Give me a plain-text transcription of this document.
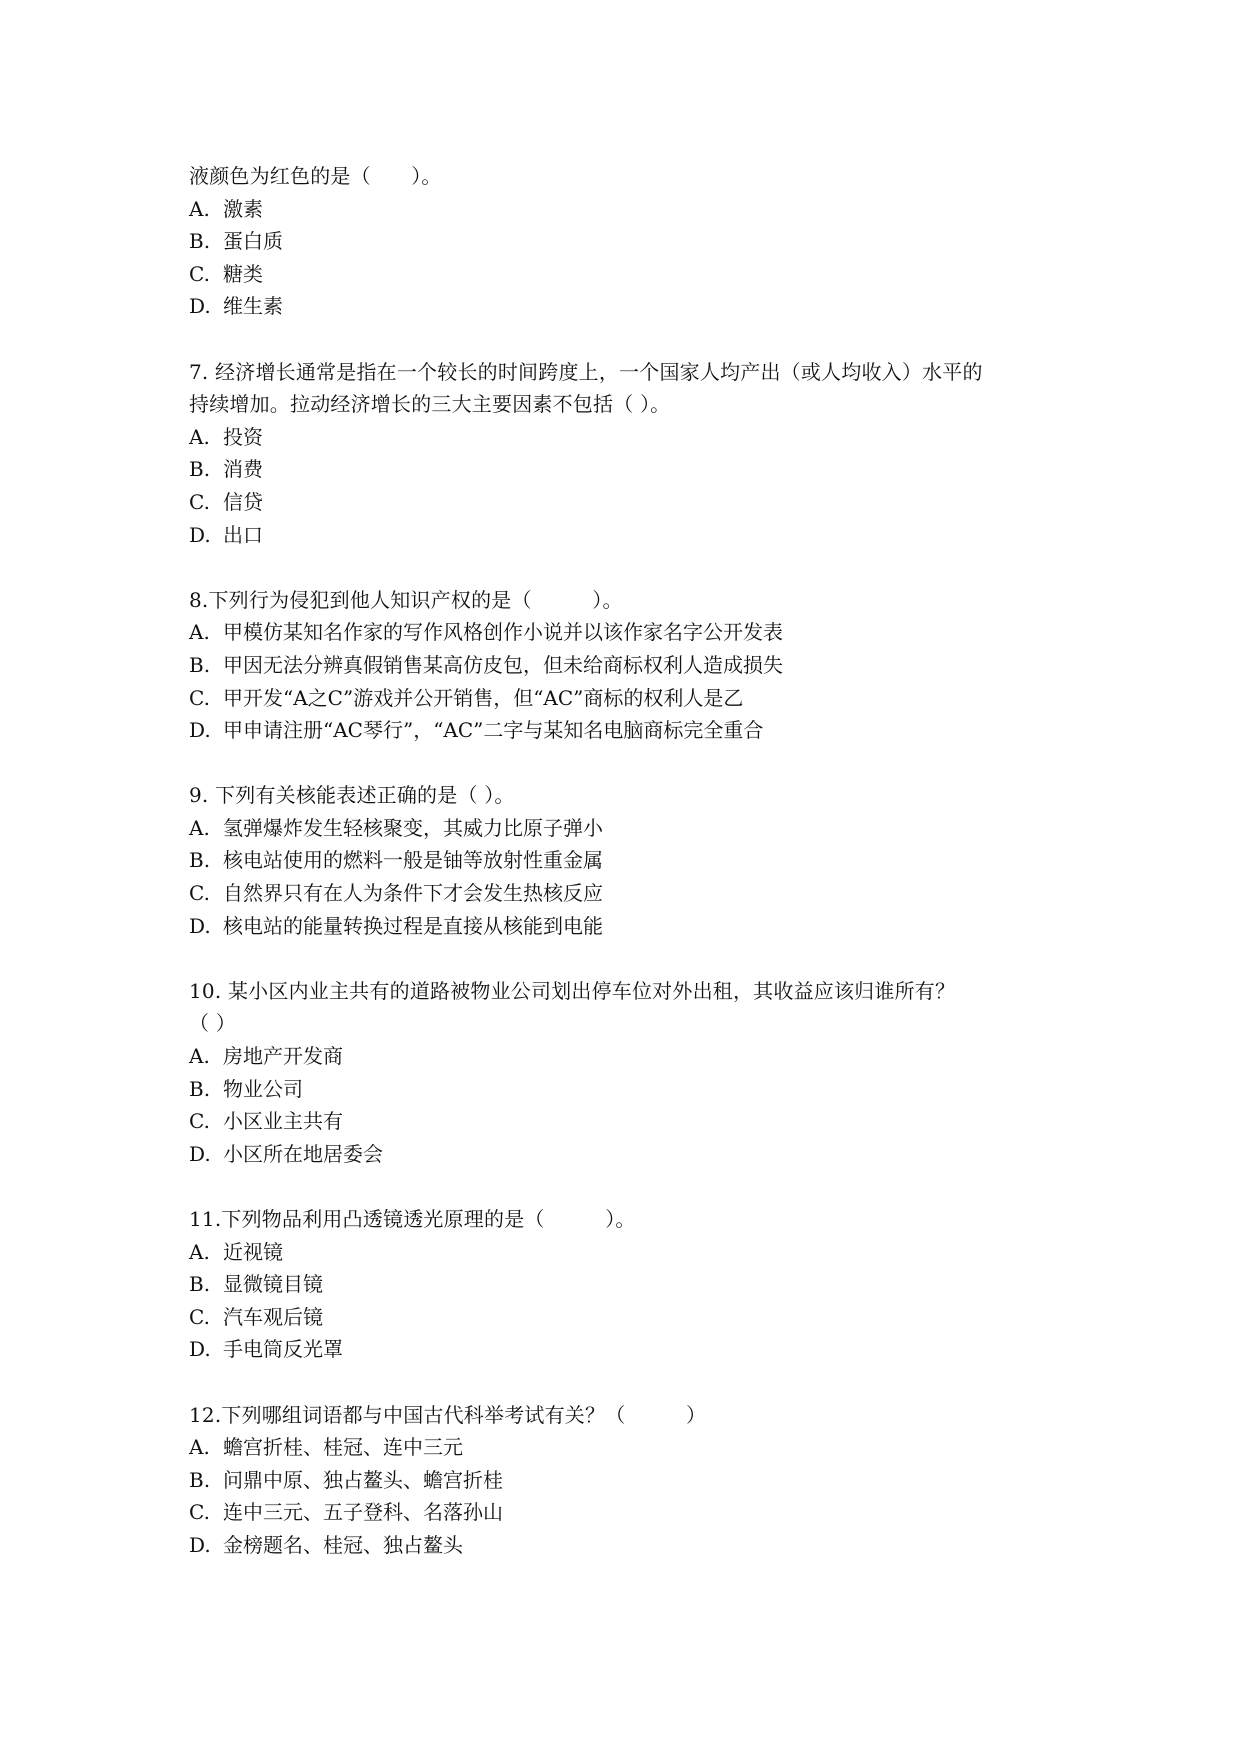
液颜色为红色的是（　　）。
A. 激素
B. 蛋白质
C. 糖类
D. 维生素
7. 经济增长通常是指在一个较长的时间跨度上，一个国家人均产出（或人均收入）水平的
持续增加。拉动经济增长的三大主要因素不包括（ ）。
A. 投资
B. 消费
C. 信贷
D. 出口
8.下列行为侵犯到他人知识产权的是（　　　）。
A. 甲模仿某知名作家的写作风格创作小说并以该作家名字公开发表
B. 甲因无法分辨真假销售某高仿皮包，但未给商标权利人造成损失
C. 甲开发“A之C”游戏并公开销售，但“AC”商标的权利人是乙
D. 甲申请注册“AC琴行”，“AC”二字与某知名电脑商标完全重合
9. 下列有关核能表述正确的是（ ）。
A. 氢弹爆炸发生轻核聚变，其威力比原子弹小
B. 核电站使用的燃料一般是铀等放射性重金属
C. 自然界只有在人为条件下才会发生热核反应
D. 核电站的能量转换过程是直接从核能到电能
10. 某小区内业主共有的道路被物业公司划出停车位对外出租，其收益应该归谁所有？
（ ）
A. 房地产开发商
B. 物业公司
C. 小区业主共有
D. 小区所在地居委会
11.下列物品利用凸透镜透光原理的是（　　　）。
A. 近视镜
B. 显微镜目镜
C. 汽车观后镜
D. 手电筒反光罩
12.下列哪组词语都与中国古代科举考试有关？（　　　）
A. 蟾宫折桂、桂冠、连中三元
B. 问鼎中原、独占鳌头、蟾宫折桂
C. 连中三元、五子登科、名落孙山
D. 金榜题名、桂冠、独占鳌头
